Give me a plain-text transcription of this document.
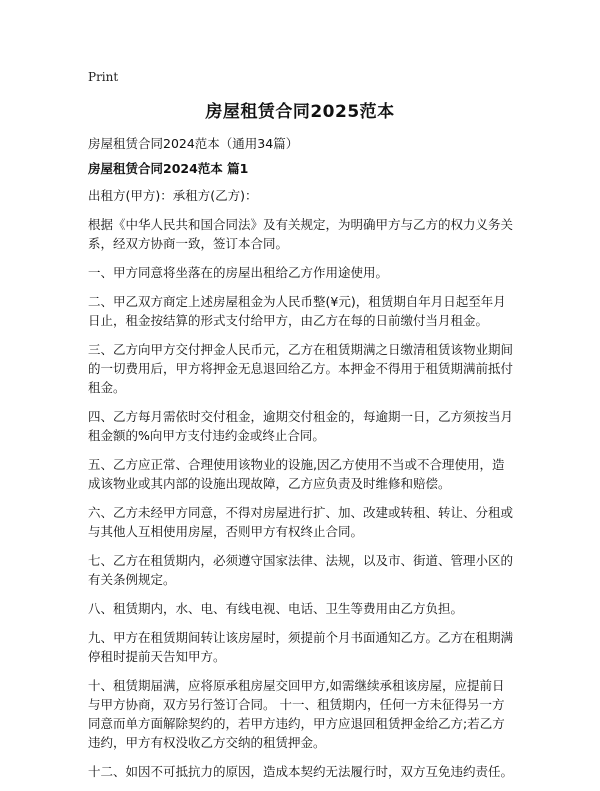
Print
房屋租赁合同2025范本
房屋租赁合同2024范本（通用34篇）
房屋租赁合同2024范本 篇1

出租方(甲方)：承租方(乙方)：

根据《中华人民共和国合同法》及有关规定，为明确甲方与乙方的权力义务关系，经双方协商一致，签订本合同。

一、甲方同意将坐落在的房屋出租给乙方作用途使用。

二、甲乙双方商定上述房屋租金为人民币整(¥元)，租赁期自年月日起至年月日止，租金按结算的形式支付给甲方，由乙方在每的日前缴付当月租金。

三、乙方向甲方交付押金人民币元，乙方在租赁期满之日缴清租赁该物业期间的一切费用后，甲方将押金无息退回给乙方。本押金不得用于租赁期满前抵付租金。

四、乙方每月需依时交付租金，逾期交付租金的，每逾期一日，乙方须按当月租金额的%向甲方支付违约金或终止合同。

五、乙方应正常、合理使用该物业的设施,因乙方使用不当或不合理使用，造成该物业或其内部的设施出现故障，乙方应负责及时维修和赔偿。

六、乙方未经甲方同意，不得对房屋进行扩、加、改建或转租、转让、分租或与其他人互相使用房屋，否则甲方有权终止合同。

七、乙方在租赁期内，必须遵守国家法律、法规，以及市、街道、管理小区的有关条例规定。

八、租赁期内，水、电、有线电视、电话、卫生等费用由乙方负担。

九、甲方在租赁期间转让该房屋时，须提前个月书面通知乙方。乙方在租期满停租时提前天告知甲方。

十、租赁期届满，应将原承租房屋交回甲方,如需继续承租该房屋，应提前日与甲方协商，双方另行签订合同。 十一、租赁期内，任何一方未征得另一方同意而单方面解除契约的，若甲方违约，甲方应退回租赁押金给乙方;若乙方违约，甲方有权没收乙方交纳的租赁押金。

十二、如因不可抵抗力的原因，造成本契约无法履行时，双方互免违约责任。
